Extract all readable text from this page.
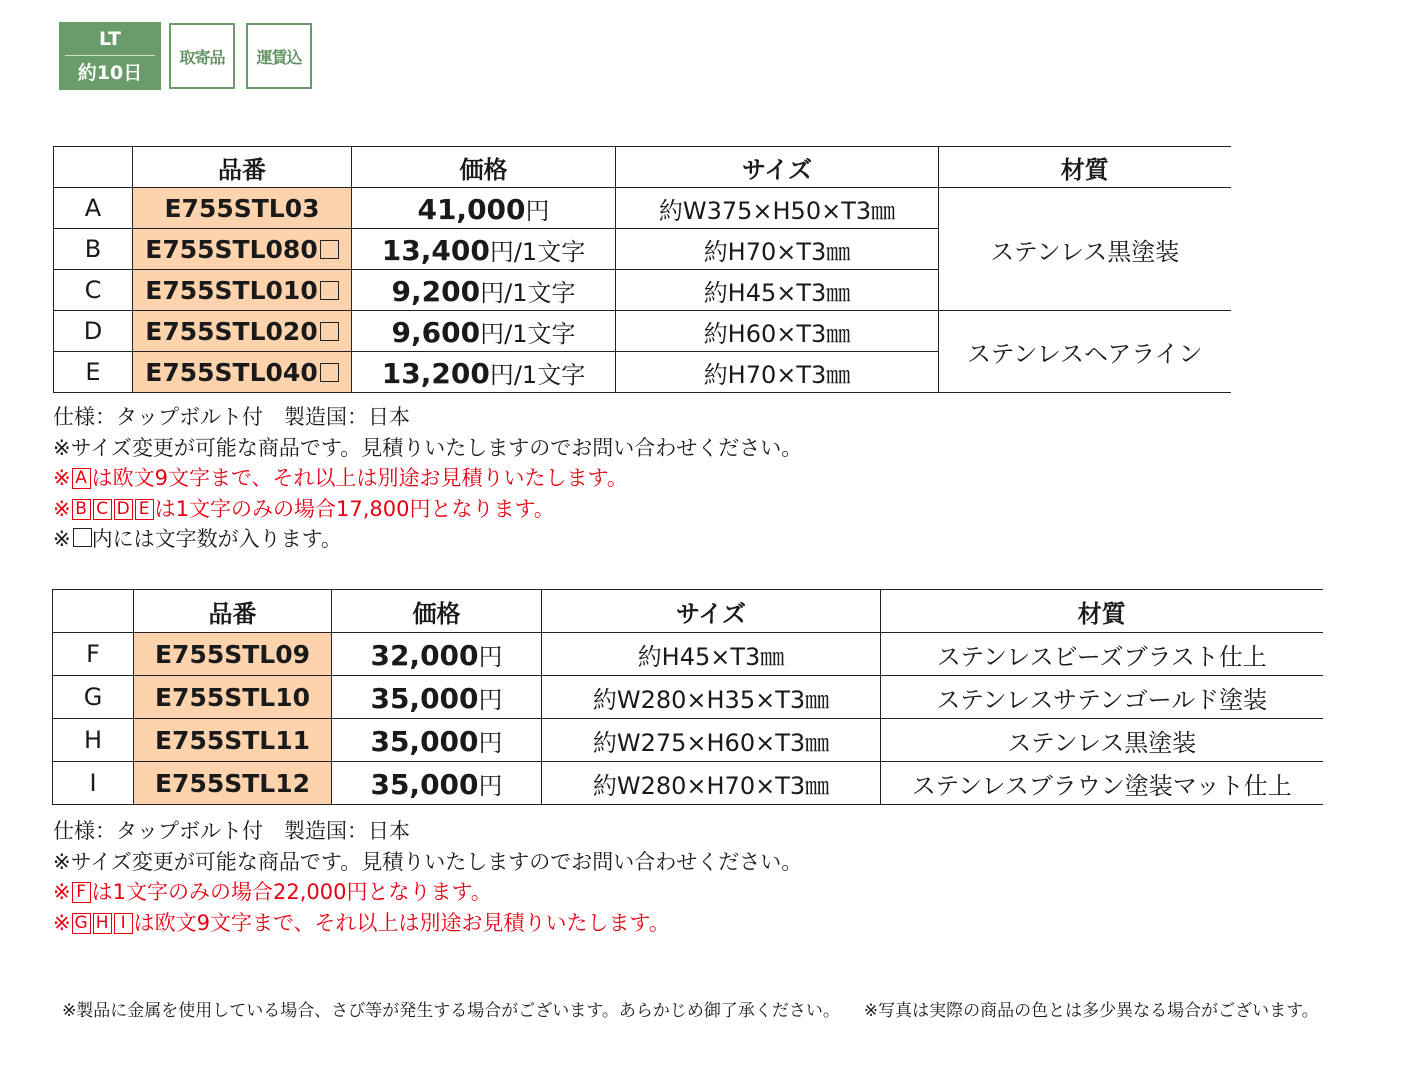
LT
約10日
取寄品	運賃込
	品番	価格	サイズ	材質
A	E755STL03	41,000円	約W375×H50×T3㎜	ステンレス黒塗装
B	E755STL080	13,400円/1文字	約H70×T3㎜	
C	E755STL010	9,200円/1文字	約H45×T3㎜	
D	E755STL020	9,600円/1文字	約H60×T3㎜	ステンレスヘアライン
E	E755STL040	13,200円/1文字	約H70×T3㎜	
仕様：タップボルト付　製造国：日本
※サイズ変更が可能な商品です。見積りいたしますのでお問い合わせください。
※ A は欧文9文字まで、それ以上は別途お見積りいたします。
※ B C D E は1文字のみの場合17,800円となります。
※ 内には文字数が入ります。
	品番	価格	サイズ	材質
F	E755STL09	32,000円	約H45×T3㎜	ステンレスビーズブラスト仕上
G	E755STL10	35,000円	約W280×H35×T3㎜	ステンレスサテンゴールド塗装
H	E755STL11	35,000円	約W275×H60×T3㎜	ステンレス黒塗装
I	E755STL12	35,000円	約W280×H70×T3㎜	ステンレスブラウン塗装マット仕上
仕様：タップボルト付　製造国：日本
※サイズ変更が可能な商品です。見積りいたしますのでお問い合わせください。
※ F は1文字のみの場合22,000円となります。
※ G H I は欧文9文字まで、それ以上は別途お見積りいたします。
※製品に金属を使用している場合、さび等が発生する場合がございます。あらかじめ御了承ください。 ※写真は実際の商品の色とは多少異なる場合がございます。
